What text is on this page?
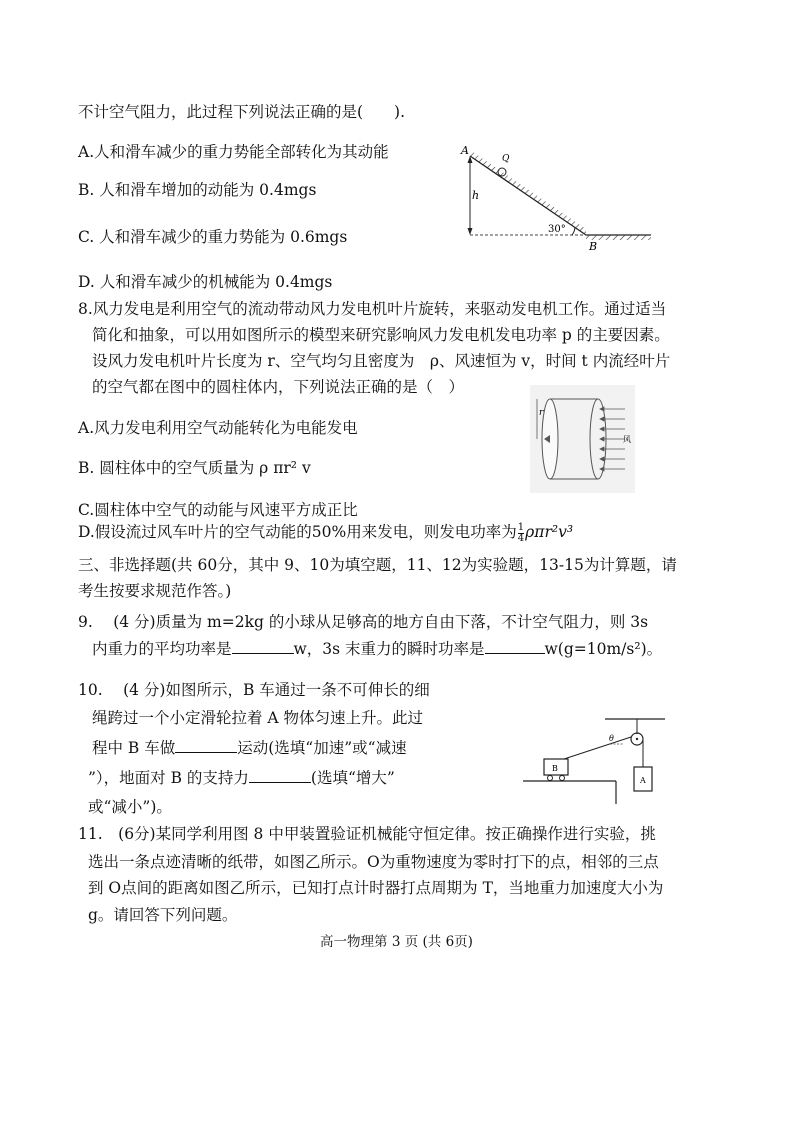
不计空气阻力，此过程下列说法正确的是(　　).
A.人和滑车减少的重力势能全部转化为其动能
B. 人和滑车增加的动能为 0.4mgs
C. 人和滑车减少的重力势能为 0.6mgs
D. 人和滑车减少的机械能为 0.4mgs
A
B
h
30°
Q
8.风力发电是利用空气的流动带动风力发电机叶片旋转，来驱动发电机工作。通过适当
简化和抽象，可以用如图所示的模型来研究影响风力发电机发电功率 p 的主要因素。
设风力发电机叶片长度为 r、空气均匀且密度为　ρ、风速恒为 v，时间 t 内流经叶片
的空气都在图中的圆柱体内，下列说法正确的是（　）
A.风力发电利用空气动能转化为电能发电
B. 圆柱体中的空气质量为 ρ πr² v
C.圆柱体中空气的动能与风速平方成正比
D.假设流过风车叶片的空气动能的50%用来发电，则发电功率为 $\frac{1}{4} \rho\pi r^2v^3$
r
风
三、非选择题(共 60分，其中 9、10为填空题，11、12为实验题，13-15为计算题，请
考生按要求规范作答。)
9.　 (4 分)质量为 m=2kg 的小球从足够高的地方自由下落，不计空气阻力，则 3s
内重力的平均功率是	w，3s 末重力的瞬时功率是	w(g=10m/s²)。
10.　 (4 分)如图所示，B 车通过一条不可伸长的细
绳跨过一个小定滑轮拉着 A 物体匀速上升。此过
程中 B 车做	运动(选填“加速”或“减速
”），地面对 B 的支持力	(选填“增大”
或“减小”)。
A
θ
B
11.　(6分)某同学利用图 8 中甲装置验证机械能守恒定律。按正确操作进行实验，挑
选出一条点迹清晰的纸带，如图乙所示。O为重物速度为零时打下的点，相邻的三点
到 O点间的距离如图乙所示，已知打点计时器打点周期为 T，当地重力加速度大小为
g。请回答下列问题。
高一物理第 3 页 (共 6页)
